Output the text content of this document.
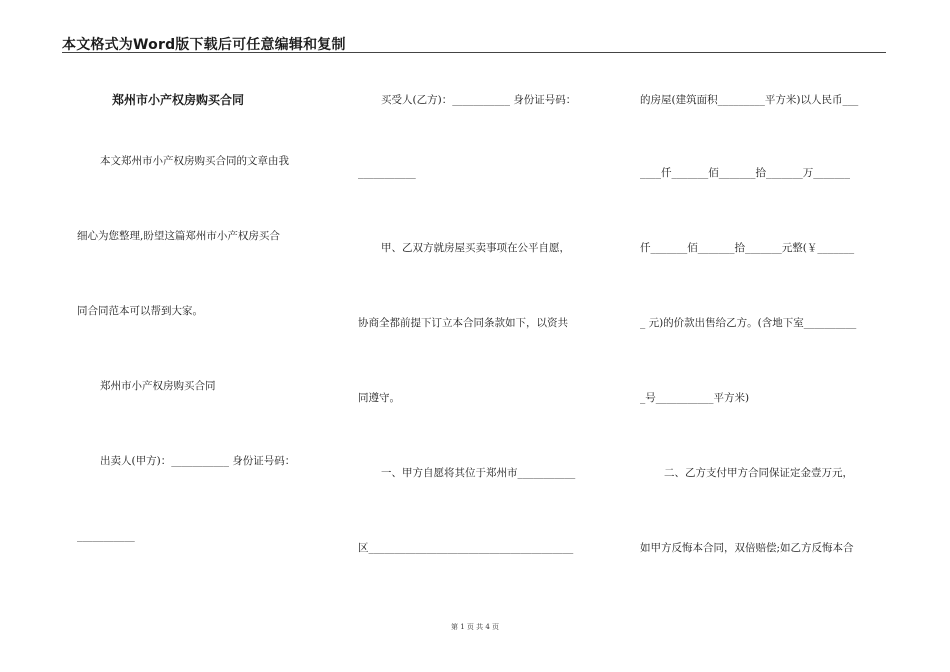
本文格式为Word版下载后可任意编辑和复制
郑州市小产权房购买合同
本文郑州市小产权房购买合同的文章由我
细心为您整理,盼望这篇郑州市小产权房买合
同合同范本可以帮到大家。
郑州市小产权房购买合同
出卖人(甲方)：___________ 身份证号码：
___________
买受人(乙方)：___________ 身份证号码：
___________
甲、乙双方就房屋买卖事项在公平自愿，
协商全都前提下订立本合同条款如下，以资共
同遵守。
一、甲方自愿将其位于郑州市___________
区_______________________________________
的房屋(建筑面积_________平方米)以人民币___
____仟_______佰_______拾_______万_______
仟_______佰_______拾_______元整(￥_______
_ 元)的价款出售给乙方。(含地下室__________
_号___________平方米)
二、乙方支付甲方合同保证定金壹万元，
如甲方反悔本合同，双倍赔偿;如乙方反悔本合
第 1 页 共 4 页
